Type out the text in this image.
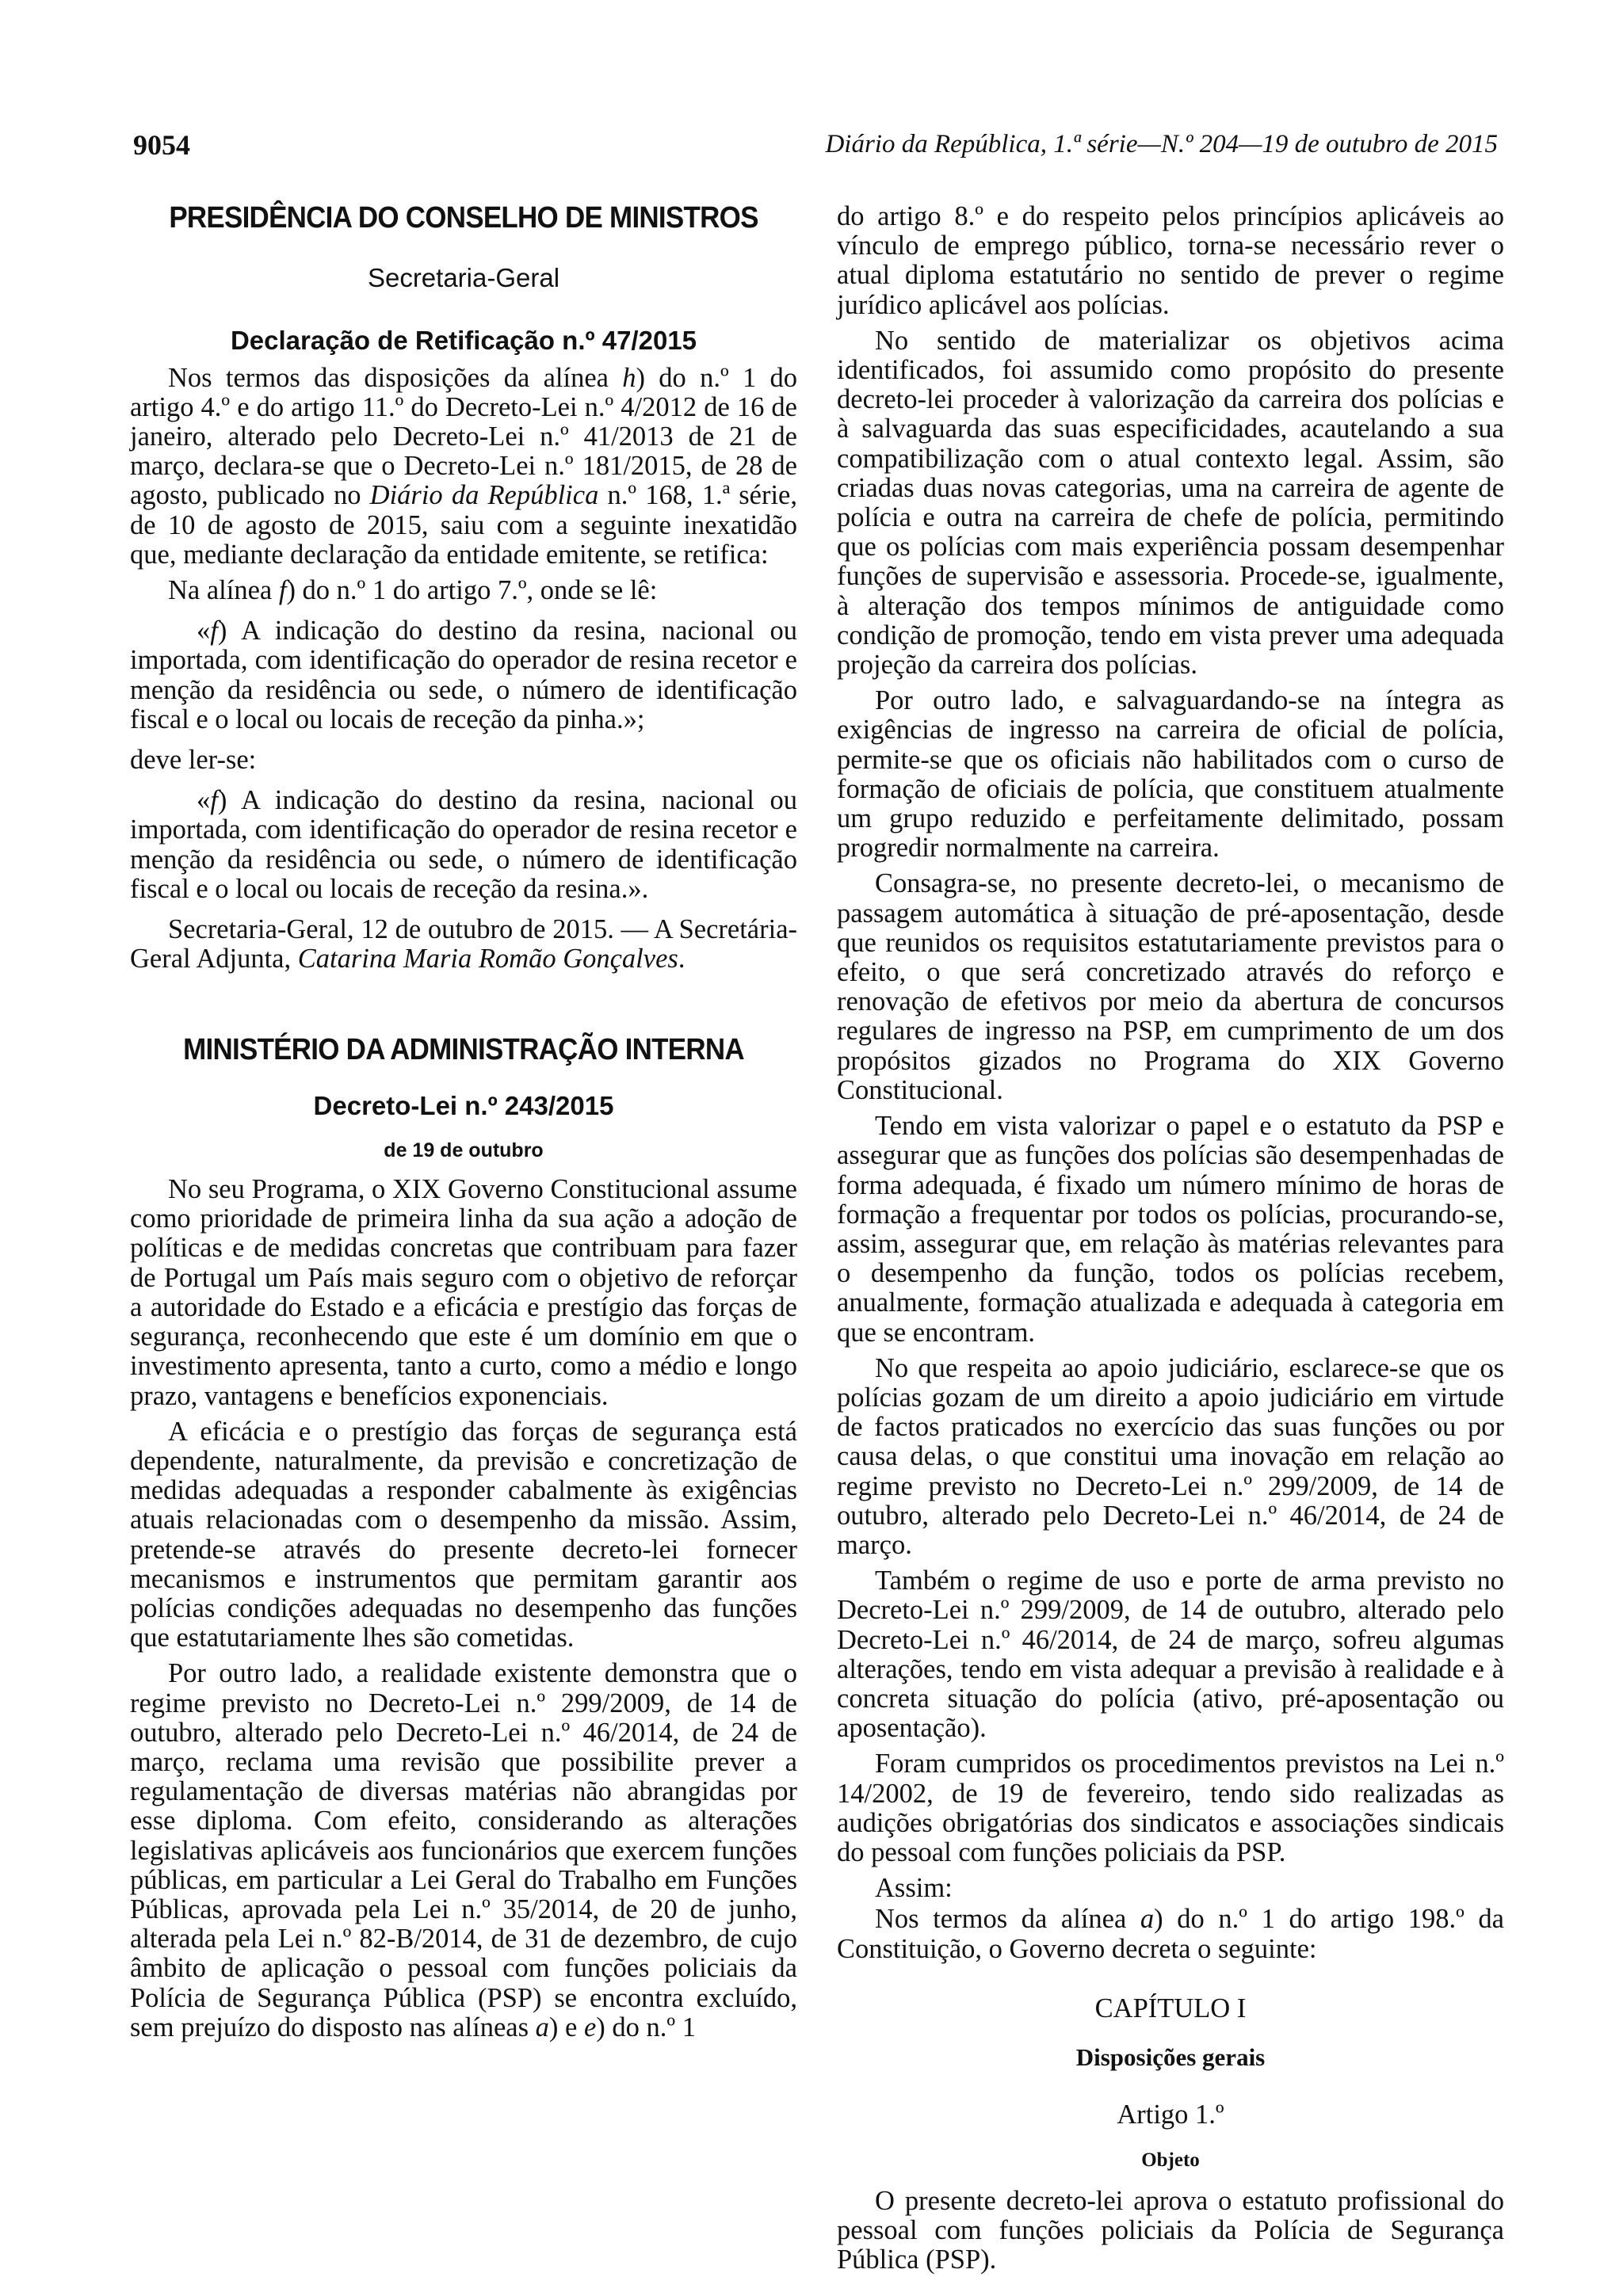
9054	Diário da República, 1.ª série—N.º 204—19 de outubro de 2015
PRESIDÊNCIA DO CONSELHO DE MINISTROS
Secretaria-Geral
Declaração de Retificação n.º 47/2015

Nos termos das disposições da alínea h) do n.º 1 do artigo 4.º e do artigo 11.º do Decreto-Lei n.º 4/2012 de 16 de janeiro, alterado pelo Decreto-Lei n.º 41/2013 de 21 de março, declara-se que o Decreto-Lei n.º 181/2015, de 28 de agosto, publicado no Diário da República n.º 168, 1.ª série, de 10 de agosto de 2015, saiu com a seguinte inexatidão que, mediante declaração da entidade emitente, se retifica:

Na alínea f) do n.º 1 do artigo 7.º, onde se lê:

«f) A indicação do destino da resina, nacional ou importada, com identificação do operador de resina recetor e menção da residência ou sede, o número de identificação fiscal e o local ou locais de receção da pinha.»;

deve ler-se:

«f) A indicação do destino da resina, nacional ou importada, com identificação do operador de resina recetor e menção da residência ou sede, o número de identificação fiscal e o local ou locais de receção da resina.».

Secretaria-Geral, 12 de outubro de 2015. — A Secretária-Geral Adjunta, Catarina Maria Romão Gonçalves.

MINISTÉRIO DA ADMINISTRAÇÃO INTERNA
Decreto-Lei n.º 243/2015
de 19 de outubro

No seu Programa, o XIX Governo Constitucional assume como prioridade de primeira linha da sua ação a adoção de políticas e de medidas concretas que contribuam para fazer de Portugal um País mais seguro com o objetivo de reforçar a autoridade do Estado e a eficácia e prestígio das forças de segurança, reconhecendo que este é um domínio em que o investimento apresenta, tanto a curto, como a médio e longo prazo, vantagens e benefícios exponenciais.

A eficácia e o prestígio das forças de segurança está dependente, naturalmente, da previsão e concretização de medidas adequadas a responder cabalmente às exigências atuais relacionadas com o desempenho da missão. Assim, pretende-se através do presente decreto-lei fornecer mecanismos e instrumentos que permitam garantir aos polícias condições adequadas no desempenho das funções que estatutariamente lhes são cometidas.

Por outro lado, a realidade existente demonstra que o regime previsto no Decreto-Lei n.º 299/2009, de 14 de outubro, alterado pelo Decreto-Lei n.º 46/2014, de 24 de março, reclama uma revisão que possibilite prever a regulamentação de diversas matérias não abrangidas por esse diploma. Com efeito, considerando as alterações legislativas aplicáveis aos funcionários que exercem funções públicas, em particular a Lei Geral do Trabalho em Funções Públicas, aprovada pela Lei n.º 35/2014, de 20 de junho, alterada pela Lei n.º 82-B/2014, de 31 de dezembro, de cujo âmbito de aplicação o pessoal com funções policiais da Polícia de Segurança Pública (PSP) se encontra excluído, sem prejuízo do disposto nas alíneas a) e e) do n.º 1

do artigo 8.º e do respeito pelos princípios aplicáveis ao vínculo de emprego público, torna-se necessário rever o atual diploma estatutário no sentido de prever o regime jurídico aplicável aos polícias.

No sentido de materializar os objetivos acima identificados, foi assumido como propósito do presente decreto-lei proceder à valorização da carreira dos polícias e à salvaguarda das suas especificidades, acautelando a sua compatibilização com o atual contexto legal. Assim, são criadas duas novas categorias, uma na carreira de agente de polícia e outra na carreira de chefe de polícia, permitindo que os polícias com mais experiência possam desempenhar funções de supervisão e assessoria. Procede-se, igualmente, à alteração dos tempos mínimos de antiguidade como condição de promoção, tendo em vista prever uma adequada projeção da carreira dos polícias.

Por outro lado, e salvaguardando-se na íntegra as exigências de ingresso na carreira de oficial de polícia, permite-se que os oficiais não habilitados com o curso de formação de oficiais de polícia, que constituem atualmente um grupo reduzido e perfeitamente delimitado, possam progredir normalmente na carreira.

Consagra-se, no presente decreto-lei, o mecanismo de passagem automática à situação de pré-aposentação, desde que reunidos os requisitos estatutariamente previstos para o efeito, o que será concretizado através do reforço e renovação de efetivos por meio da abertura de concursos regulares de ingresso na PSP, em cumprimento de um dos propósitos gizados no Programa do XIX Governo Constitucional.

Tendo em vista valorizar o papel e o estatuto da PSP e assegurar que as funções dos polícias são desempenhadas de forma adequada, é fixado um número mínimo de horas de formação a frequentar por todos os polícias, procurando-se, assim, assegurar que, em relação às matérias relevantes para o desempenho da função, todos os polícias recebem, anualmente, formação atualizada e adequada à categoria em que se encontram.

No que respeita ao apoio judiciário, esclarece-se que os polícias gozam de um direito a apoio judiciário em virtude de factos praticados no exercício das suas funções ou por causa delas, o que constitui uma inovação em relação ao regime previsto no Decreto-Lei n.º 299/2009, de 14 de outubro, alterado pelo Decreto-Lei n.º 46/2014, de 24 de março.

Também o regime de uso e porte de arma previsto no Decreto-Lei n.º 299/2009, de 14 de outubro, alterado pelo Decreto-Lei n.º 46/2014, de 24 de março, sofreu algumas alterações, tendo em vista adequar a previsão à realidade e à concreta situação do polícia (ativo, pré-aposentação ou aposentação).

Foram cumpridos os procedimentos previstos na Lei n.º 14/2002, de 19 de fevereiro, tendo sido realizadas as audições obrigatórias dos sindicatos e associações sindicais do pessoal com funções policiais da PSP.

Assim:

Nos termos da alínea a) do n.º 1 do artigo 198.º da Constituição, o Governo decreta o seguinte:

CAPÍTULO I
Disposições gerais
Artigo 1.º
Objeto

O presente decreto-lei aprova o estatuto profissional do pessoal com funções policiais da Polícia de Segurança Pública (PSP).
